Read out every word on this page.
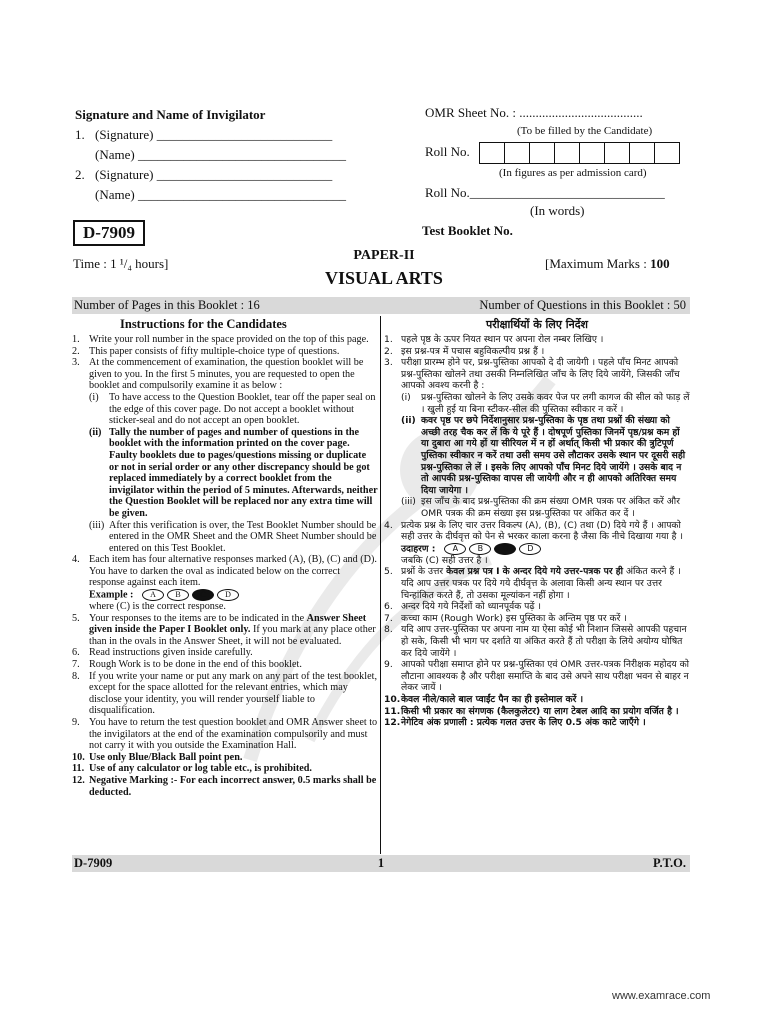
Signature and Name of Invigilator
1. (Signature) ___________________________
(Name) ________________________________
2. (Signature) ___________________________
(Name) ________________________________
OMR Sheet No. : ......................................
(To be filled by the Candidate)
Roll No.
(In figures as per admission card)
Roll No.______________________________
(In words)
D-7909	Test Booklet No.
PAPER-II
VISUAL ARTS
Time : 1 ¹/₄ hours]	[Maximum Marks : 100
Number of Pages in this Booklet : 16	Number of Questions in this Booklet : 50
Instructions for the Candidates	परीक्षार्थियों के लिए निर्देश
1. Write your roll number in the space provided on the top of this page.
2. This paper consists of fifty multiple-choice type of questions.
3. At the commencement of examination, the question booklet will be given to you. In the first 5 minutes, you are requested to open the booklet and compulsorily examine it as below :
(i)	To have access to the Question Booklet, tear off the paper seal on the edge of this cover page. Do not accept a booklet without sticker-seal and do not accept an open booklet.
(ii) Tally the number of pages and number of questions in the booklet with the information printed on the cover page. Faulty booklets due to pages/questions missing or duplicate or not in serial order or any other discrepancy should be got replaced immediately by a correct booklet from the invigilator within the period of 5 minutes. Afterwards, neither the Question Booklet will be replaced nor any extra time will be given.
(iii) After this verification is over, the Test Booklet Number should be entered in the OMR Sheet and the OMR Sheet Number should be entered on this Test Booklet.
4. Each item has four alternative responses marked (A), (B), (C) and (D). You have to darken the oval as indicated below on the correct response against each item.
Example :	A	B	C	D
where (C) is the correct response.
5. Your responses to the items are to be indicated in the Answer Sheet given inside the Paper I Booklet only. If you mark at any place other than in the ovals in the Answer Sheet, it will not be evaluated.
6. Read instructions given inside carefully.
7. Rough Work is to be done in the end of this booklet.
8. If you write your name or put any mark on any part of the test booklet, except for the space allotted for the relevant entries, which may disclose your identity, you will render yourself liable to disqualification.
9. You have to return the test question booklet and OMR Answer sheet to the invigilators at the end of the examination compulsorily and must not carry it with you outside the Examination Hall.
10. Use only Blue/Black Ball point pen.
11. Use of any calculator or log table etc., is prohibited.
12. Negative Marking :- For each incorrect answer, 0.5 marks shall be deducted.
1. पहले पृष्ठ के ऊपर नियत स्थान पर अपना रोल नम्बर लिखिए ।
2. इस प्रश्न-पत्र में पचास बहुविकल्पीय प्रश्न हैं ।
3. परीक्षा प्रारम्भ होने पर, प्रश्न-पुस्तिका आपको दे दी जायेगी । पहले पाँच मिनट आपको प्रश्न-पुस्तिका खोलने तथा उसकी निम्नलिखित जाँच के लिए दिये जायेंगे, जिसकी जाँच आपको अवश्य करनी है :
(i)	प्रश्न-पुस्तिका खोलने के लिए उसके कवर पेज पर लगी कागज की सील को फाड़ लें । खुली हुई या बिना स्टीकर-सील की पुस्तिका स्वीकार न करें ।
(ii) कवर पृष्ठ पर छपे निर्देशानुसार प्रश्न-पुस्तिका के पृष्ठ तथा प्रश्नों की संख्या को अच्छी तरह चैक कर लें कि ये पूरे हैं । दोषपूर्ण पुस्तिका जिनमें पृष्ठ/प्रश्न कम हों या दुबारा आ गये हों या सीरियल में न हों अर्थात् किसी भी प्रकार की त्रुटिपूर्ण पुस्तिका स्वीकार न करें तथा उसी समय उसे लौटाकर उसके स्थान पर दूसरी सही प्रश्न-पुस्तिका ले लें । इसके लिए आपको पाँच मिनट दिये जायेंगे । उसके बाद न तो आपकी प्रश्न-पुस्तिका वापस ली जायेगी और न ही आपको अतिरिक्त समय दिया जायेगा ।
(iii) इस जाँच के बाद प्रश्न-पुस्तिका की क्रम संख्या OMR पत्रक पर अंकित करें और OMR पत्रक की क्रम संख्या इस प्रश्न-पुस्तिका पर अंकित कर दें ।
4. प्रत्येक प्रश्न के लिए चार उत्तर विकल्प (A), (B), (C) तथा (D) दिये गये हैं । आपको सही उत्तर के दीर्घवृत्त को पेन से भरकर काला करना है जैसा कि नीचे दिखाया गया है ।
उदाहरण :	A	B	C	D
जबकि (C) सही उत्तर है ।
5. प्रश्नों के उत्तर केवल प्रश्न पत्र I के अन्दर दिये गये उत्तर-पत्रक पर ही अंकित करने हैं । यदि आप उत्तर पत्रक पर दिये गये दीर्घवृत्त के अलावा किसी अन्य स्थान पर उत्तर चिन्हांकित करते हैं, तो उसका मूल्यांकन नहीं होगा ।
6. अन्दर दिये गये निर्देशों को ध्यानपूर्वक पढ़ें ।
7. कच्चा काम (Rough Work) इस पुस्तिका के अन्तिम पृष्ठ पर करें ।
8. यदि आप उत्तर-पुस्तिका पर अपना नाम या ऐसा कोई भी निशान जिससे आपकी पहचान हो सके, किसी भी भाग पर दर्शाते या अंकित करते हैं तो परीक्षा के लिये अयोग्य घोषित कर दिये जायेंगे ।
9. आपको परीक्षा समाप्त होने पर प्रश्न-पुस्तिका एवं OMR उत्तर-पत्रक निरीक्षक महोदय को लौटाना आवश्यक है और परीक्षा समाप्ति के बाद उसे अपने साथ परीक्षा भवन से बाहर न लेकर जायें ।
10. केवल नीले/काले बाल प्वाईंट पैन का ही इस्तेमाल करें ।
11. किसी भी प्रकार का संगणक (कैलकुलेटर) या लाग टेबल आदि का प्रयोग वर्जित है ।
12. नेगेटिव अंक प्रणाली : प्रत्येक गलत उत्तर के लिए 0.5 अंक काटे जाएँगे ।
D-7909	1	P.T.O.
www.examrace.com
